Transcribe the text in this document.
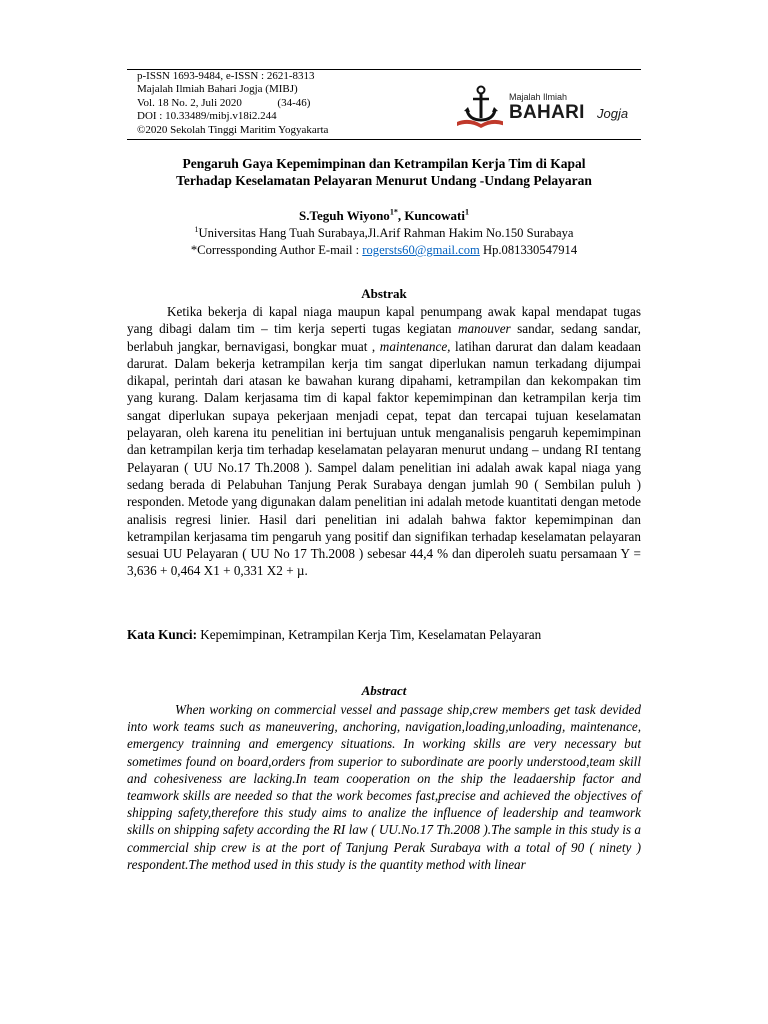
p-ISSN 1693-9484, e-ISSN : 2621-8313
Majalah Ilmiah Bahari Jogja (MIBJ)
Vol. 18 No. 2, Juli 2020	(34-46)
DOI : 10.33489/mibj.v18i2.244
©2020 Sekolah Tinggi Maritim Yogyakarta
Majalah Ilmiah
BAHARI Jogja
Pengaruh Gaya Kepemimpinan dan Ketrampilan Kerja Tim di Kapal
Terhadap Keselamatan Pelayaran Menurut Undang -Undang Pelayaran
S.Teguh Wiyono$^{1*}$, Kuncowati$^1$
$^1$Universitas Hang Tuah Surabaya,Jl.Arif Rahman Hakim No.150 Surabaya
*Corressponding Author E-mail : rogersts60@gmail.com Hp.081330547914
Abstrak

Ketika bekerja di kapal niaga maupun kapal penumpang awak kapal mendapat tugas yang dibagi dalam tim – tim kerja seperti tugas kegiatan manouver sandar, sedang sandar, berlabuh jangkar, bernavigasi, bongkar muat , maintenance, latihan darurat dan dalam keadaan darurat. Dalam bekerja ketrampilan kerja tim sangat diperlukan namun terkadang dijumpai dikapal, perintah dari atasan ke bawahan kurang dipahami, ketrampilan dan kekompakan tim yang kurang. Dalam kerjasama tim di kapal faktor kepemimpinan dan ketrampilan kerja tim sangat diperlukan supaya pekerjaan menjadi cepat, tepat dan tercapai tujuan keselamatan pelayaran, oleh karena itu penelitian ini bertujuan untuk menganalisis pengaruh kepemimpinan dan ketrampilan kerja tim terhadap keselamatan pelayaran menurut undang – undang RI tentang Pelayaran ( UU No.17 Th.2008 ). Sampel dalam penelitian ini adalah awak kapal niaga yang sedang berada di Pelabuhan Tanjung Perak Surabaya dengan jumlah 90 ( Sembilan puluh ) responden. Metode yang digunakan dalam penelitian ini adalah metode kuantitati dengan metode analisis regresi linier. Hasil dari penelitian ini adalah bahwa faktor kepemimpinan dan ketrampilan kerjasama tim pengaruh yang positif dan signifikan terhadap keselamatan pelayaran sesuai UU Pelayaran ( UU No 17 Th.2008 ) sebesar 44,4 % dan diperoleh suatu persamaan Y = 3,636 + 0,464 X1 + 0,331 X2 + µ.

Kata Kunci: Kepemimpinan, Ketrampilan Kerja Tim, Keselamatan Pelayaran
Abstract

When working on commercial vessel and passage ship,crew members get task devided into work teams such as maneuvering, anchoring, navigation,loading,unloading, maintenance, emergency trainning and emergency situations. In working skills are very necessary but sometimes found on board,orders from superior to subordinate are poorly understood,team skill and cohesiveness are lacking.In team cooperation on the ship the leadaership factor and teamwork skills are needed so that the work becomes fast,precise and achieved the objectives of shipping safety,therefore this study aims to analize the influence of leadership and teamwork skills on shipping safety according the RI law ( UU.No.17 Th.2008 ).The sample in this study is a commercial ship crew is at the port of Tanjung Perak Surabaya with a total of 90 ( ninety ) respondent.The method used in this study is the quantity method with linear
